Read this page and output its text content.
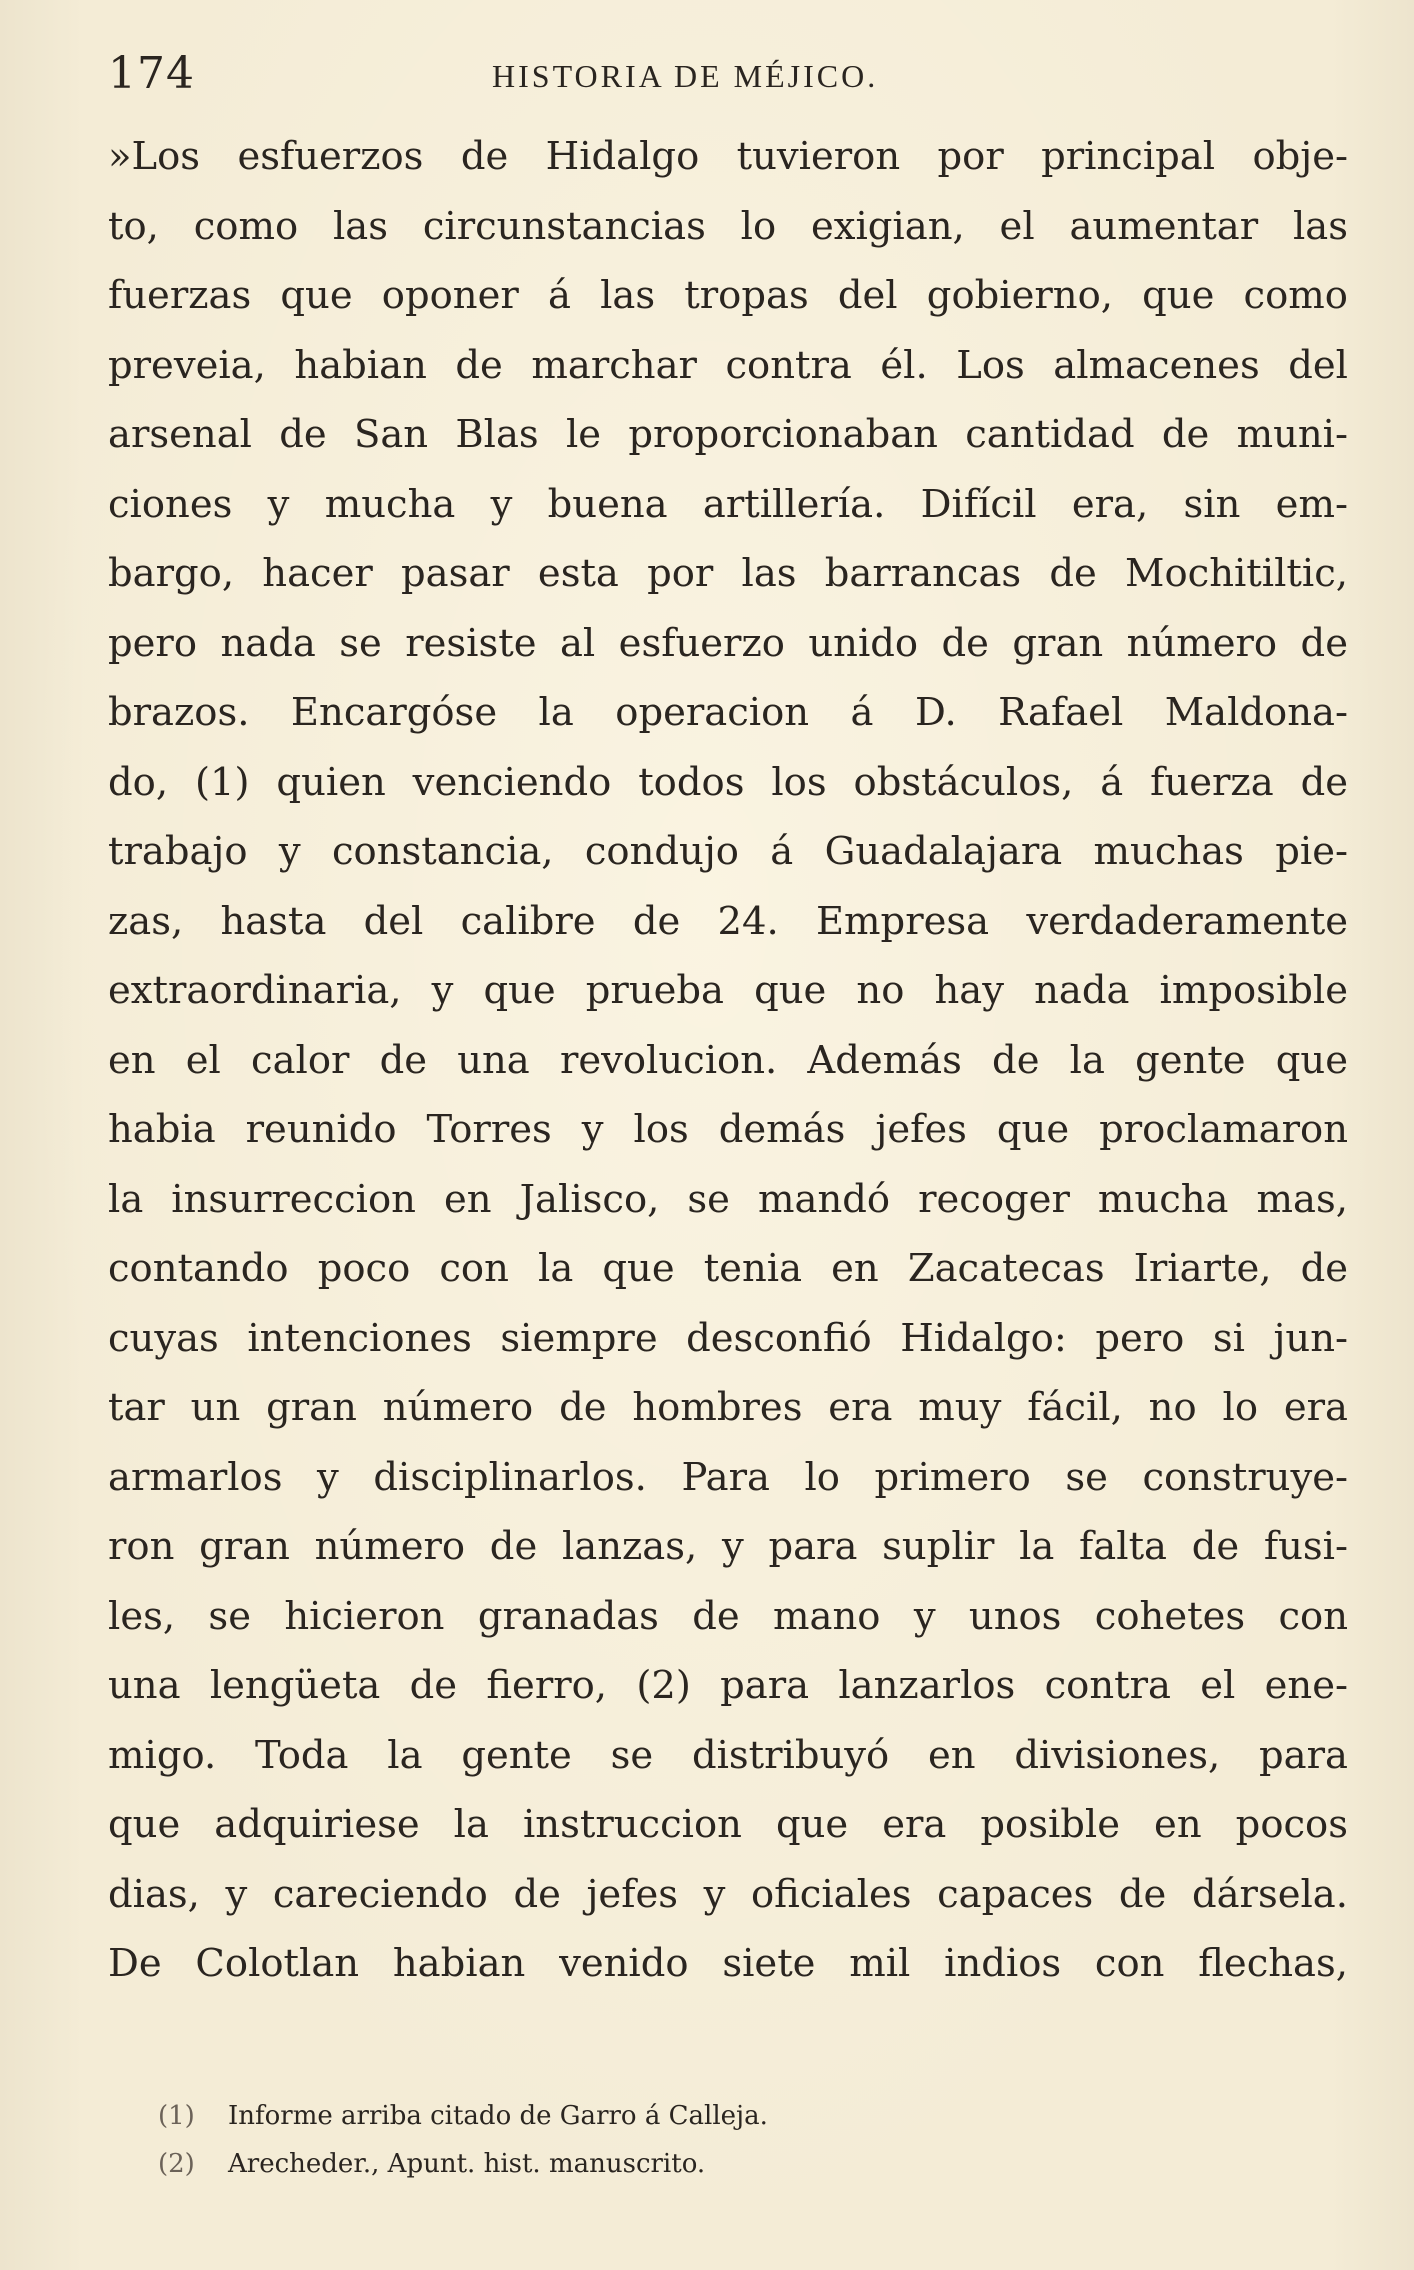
174	HISTORIA DE MÉJICO.
»Los esfuerzos de Hidalgo tuvieron por principal obje-
to, como las circunstancias lo exigian, el aumentar las
fuerzas que oponer á las tropas del gobierno, que como
preveia, habian de marchar contra él. Los almacenes del
arsenal de San Blas le proporcionaban cantidad de muni-
ciones y mucha y buena artillería. Difícil era, sin em-
bargo, hacer pasar esta por las barrancas de Mochitiltic,
pero nada se resiste al esfuerzo unido de gran número de
brazos. Encargóse la operacion á D. Rafael Maldona-
do, (1) quien venciendo todos los obstáculos, á fuerza de
trabajo y constancia, condujo á Guadalajara muchas pie-
zas, hasta del calibre de 24. Empresa verdaderamente
extraordinaria, y que prueba que no hay nada imposible
en el calor de una revolucion. Además de la gente que
habia reunido Torres y los demás jefes que proclamaron
la insurreccion en Jalisco, se mandó recoger mucha mas,
contando poco con la que tenia en Zacatecas Iriarte, de
cuyas intenciones siempre desconfió Hidalgo: pero si jun-
tar un gran número de hombres era muy fácil, no lo era
armarlos y disciplinarlos. Para lo primero se construye-
ron gran número de lanzas, y para suplir la falta de fusi-
les, se hicieron granadas de mano y unos cohetes con
una lengüeta de fierro, (2) para lanzarlos contra el ene-
migo. Toda la gente se distribuyó en divisiones, para
que adquiriese la instruccion que era posible en pocos
dias, y careciendo de jefes y oficiales capaces de dársela.
De Colotlan habian venido siete mil indios con flechas,
(1) Informe arriba citado de Garro á Calleja.
(2) Arecheder., Apunt. hist. manuscrito.
